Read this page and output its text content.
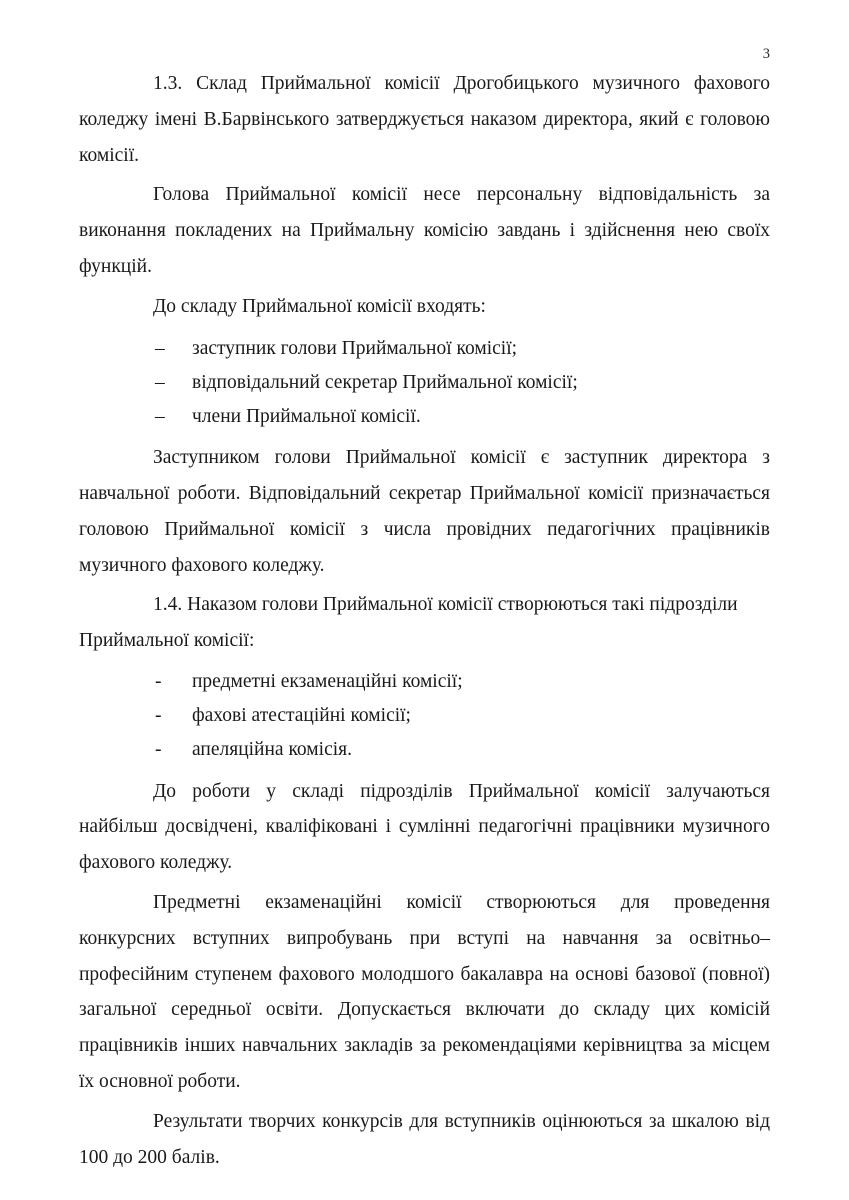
3

1.3. Склад Приймальної комісії Дрогобицького музичного фахового коледжу імені В.Барвінського затверджується наказом директора, який є головою комісії.

Голова Приймальної комісії несе персональну відповідальність за виконання покладених на Приймальну комісію завдань і здійснення нею своїх функцій.

До складу Приймальної комісії входять:

–	заступник голови Приймальної комісії;
–	відповідальний секретар Приймальної комісії;
–	члени Приймальної комісії.

Заступником голови Приймальної комісії є заступник директора з навчальної роботи. Відповідальний секретар Приймальної комісії призначається головою Приймальної комісії з числа провідних педагогічних працівників музичного фахового коледжу.

1.4. Наказом голови Приймальної комісії створюються такі підрозділи Приймальної комісії:

-	предметні екзаменаційні комісії;
-	фахові атестаційні комісії;
-	апеляційна комісія.

До роботи у складі підрозділів Приймальної комісії залучаються найбільш досвідчені, кваліфіковані і сумлінні педагогічні працівники музичного фахового коледжу.

Предметні екзаменаційні комісії створюються для проведення конкурсних вступних випробувань при вступі на навчання за освітньо–професійним ступенем фахового молодшого бакалавра на основі базової (повної) загальної середньої освіти. Допускається включати до складу цих комісій працівників інших навчальних закладів за рекомендаціями керівництва за місцем їх основної роботи.

Результати творчих конкурсів для вступників оцінюються за шкалою від 100 до 200 балів.
